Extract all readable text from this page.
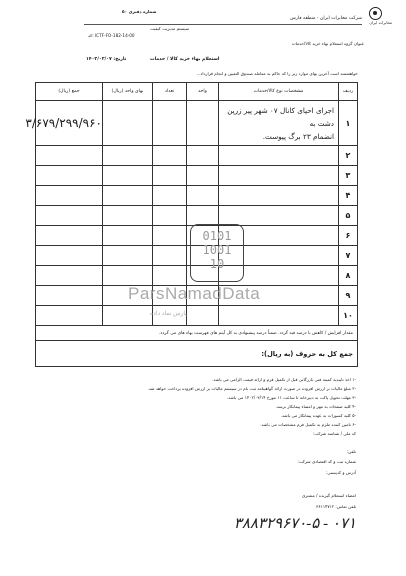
مخابرات ایران
شماره دفتری ۵۰
شرکت مخابرات ایران - منطقه فارس
سیستم مدیریت کیفیت
کد: ICTF-FO-182-14-00
عنوان گروه استعلام بهاء خرید کالا/خدمات
استعلام بهاء خرید کالا / خدمات
تاریخ: ۱۴۰۲/۰۳/۰۷
خواهشمند است آخرین بهای موارد زیر را که حاکم به معامله صندوق التعیین و انجام قرارداد...
ردیف	مشخصات نوع کالا/خدمات	واحد	تعداد	بهای واحد (ریال)	جمع (ریال)
۱	اجرای احیای کانال ۰۷ شهر پیر زرین دشت به
انضمام ۲۳ برگ پیوست.				۳/۶۷۹/۲۹۹/۹۶۰
۲					
۳					
۴					
۵					
۶					
۷					
۸					
۹					
۱۰					
مقدار افزایش / کاهش با درصد قید گردد. ضمناً درصد پیشنهادی به کل آیتم های فهرست بهاء های می گردد.					
جمع کل به حروف (به ریال):					
0101
1001
10
ParsNamadData
پارس نماد داده
-۱ اخذ تاییدیه کمیته فنی بازرگانی قبل از تکمیل فرم و ارائه قیمت الزامی می باشد.
-۲ مبلغ مالیات بر ارزش افزوده در صورت ارائه گواهینامه ثبت نام در سیستم مالیات بر ارزش افزوده پرداخت خواهد شد.
-۳ مهلت تحویل پاکت به دبیرخانه تا ساعت ۱۱ مورخ ۱۴۰۲/۰۳/۱۴ می باشد.
-۴ کلیه صفحات به مهر و امضاء پیمانکار برسد.
-۵ کلیه کسورات به عهده پیمانکار می باشد.
-۶ تامین کننده ملزم به تکمیل فرم مشخصات می باشد.
کد ملی / شناسه شرکت:
تلفن:
شماره ثبت و کد اقتصادی شرکت:
آدرس و کدپستی:
امضاء استعلام گیرنده / مشتری
تلفن تماس: ۳۶۱۱۴۷۱۲
۰۷۱ - ۳۸۸۳۲۹۶۷۰-۵
